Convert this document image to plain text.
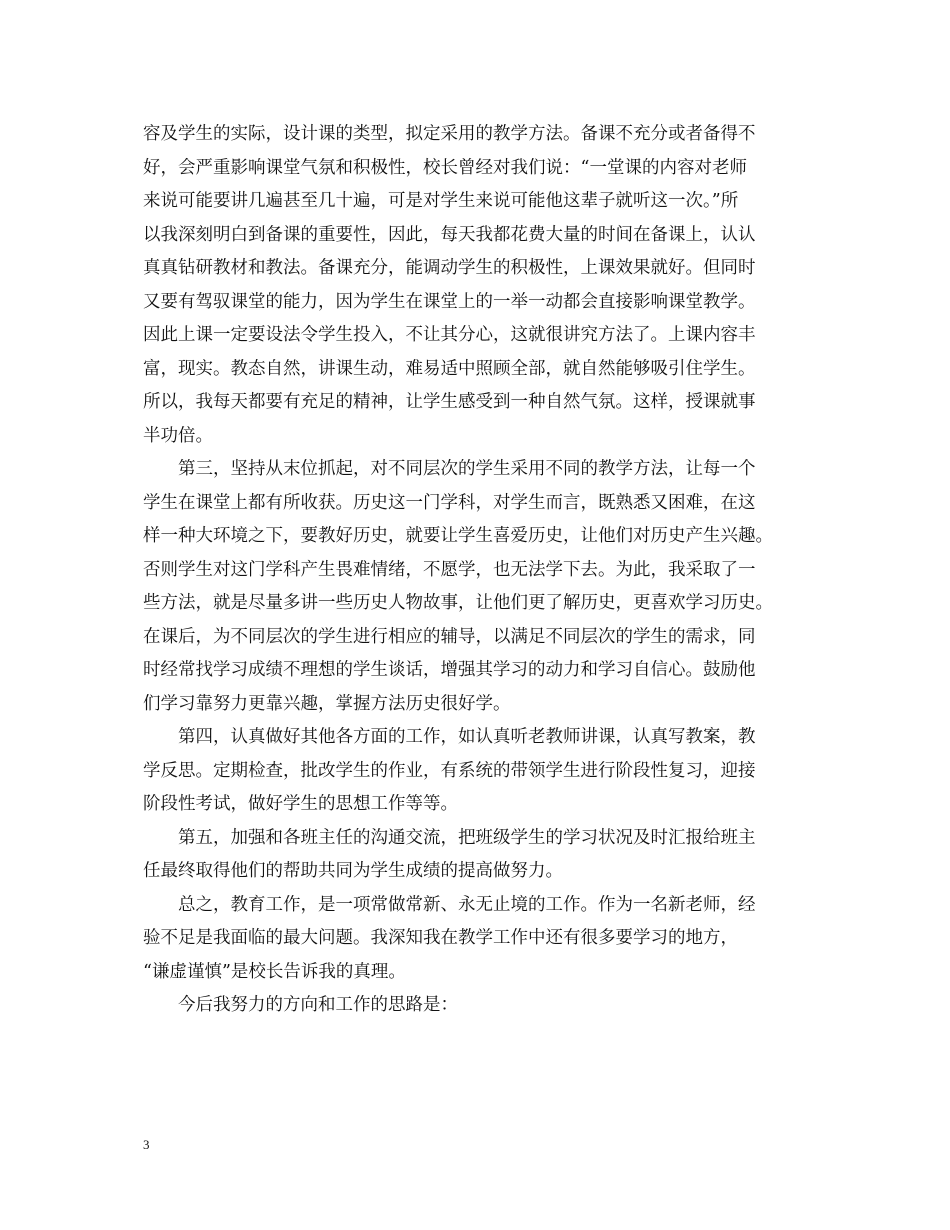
容及学生的实际，设计课的类型，拟定采用的教学方法。备课不充分或者备得不
好，会严重影响课堂气氛和积极性，校长曾经对我们说：“一堂课的内容对老师
来说可能要讲几遍甚至几十遍，可是对学生来说可能他这辈子就听这一次。”所
以我深刻明白到备课的重要性，因此，每天我都花费大量的时间在备课上，认认
真真钻研教材和教法。备课充分，能调动学生的积极性，上课效果就好。但同时
又要有驾驭课堂的能力，因为学生在课堂上的一举一动都会直接影响课堂教学。
因此上课一定要设法令学生投入，不让其分心，这就很讲究方法了。上课内容丰
富，现实。教态自然，讲课生动，难易适中照顾全部，就自然能够吸引住学生。
所以，我每天都要有充足的精神，让学生感受到一种自然气氛。这样，授课就事
半功倍。
第三，坚持从末位抓起，对不同层次的学生采用不同的教学方法，让每一个
学生在课堂上都有所收获。历史这一门学科，对学生而言，既熟悉又困难，在这
样一种大环境之下，要教好历史，就要让学生喜爱历史，让他们对历史产生兴趣。
否则学生对这门学科产生畏难情绪，不愿学，也无法学下去。为此，我采取了一
些方法，就是尽量多讲一些历史人物故事，让他们更了解历史，更喜欢学习历史。
在课后，为不同层次的学生进行相应的辅导，以满足不同层次的学生的需求，同
时经常找学习成绩不理想的学生谈话，增强其学习的动力和学习自信心。鼓励他
们学习靠努力更靠兴趣，掌握方法历史很好学。
第四，认真做好其他各方面的工作，如认真听老教师讲课，认真写教案，教
学反思。定期检查，批改学生的作业，有系统的带领学生进行阶段性复习，迎接
阶段性考试，做好学生的思想工作等等。
第五，加强和各班主任的沟通交流，把班级学生的学习状况及时汇报给班主
任最终取得他们的帮助共同为学生成绩的提高做努力。
总之，教育工作，是一项常做常新、永无止境的工作。作为一名新老师，经
验不足是我面临的最大问题。我深知我在教学工作中还有很多要学习的地方，
“谦虚谨慎”是校长告诉我的真理。
今后我努力的方向和工作的思路是：
3
